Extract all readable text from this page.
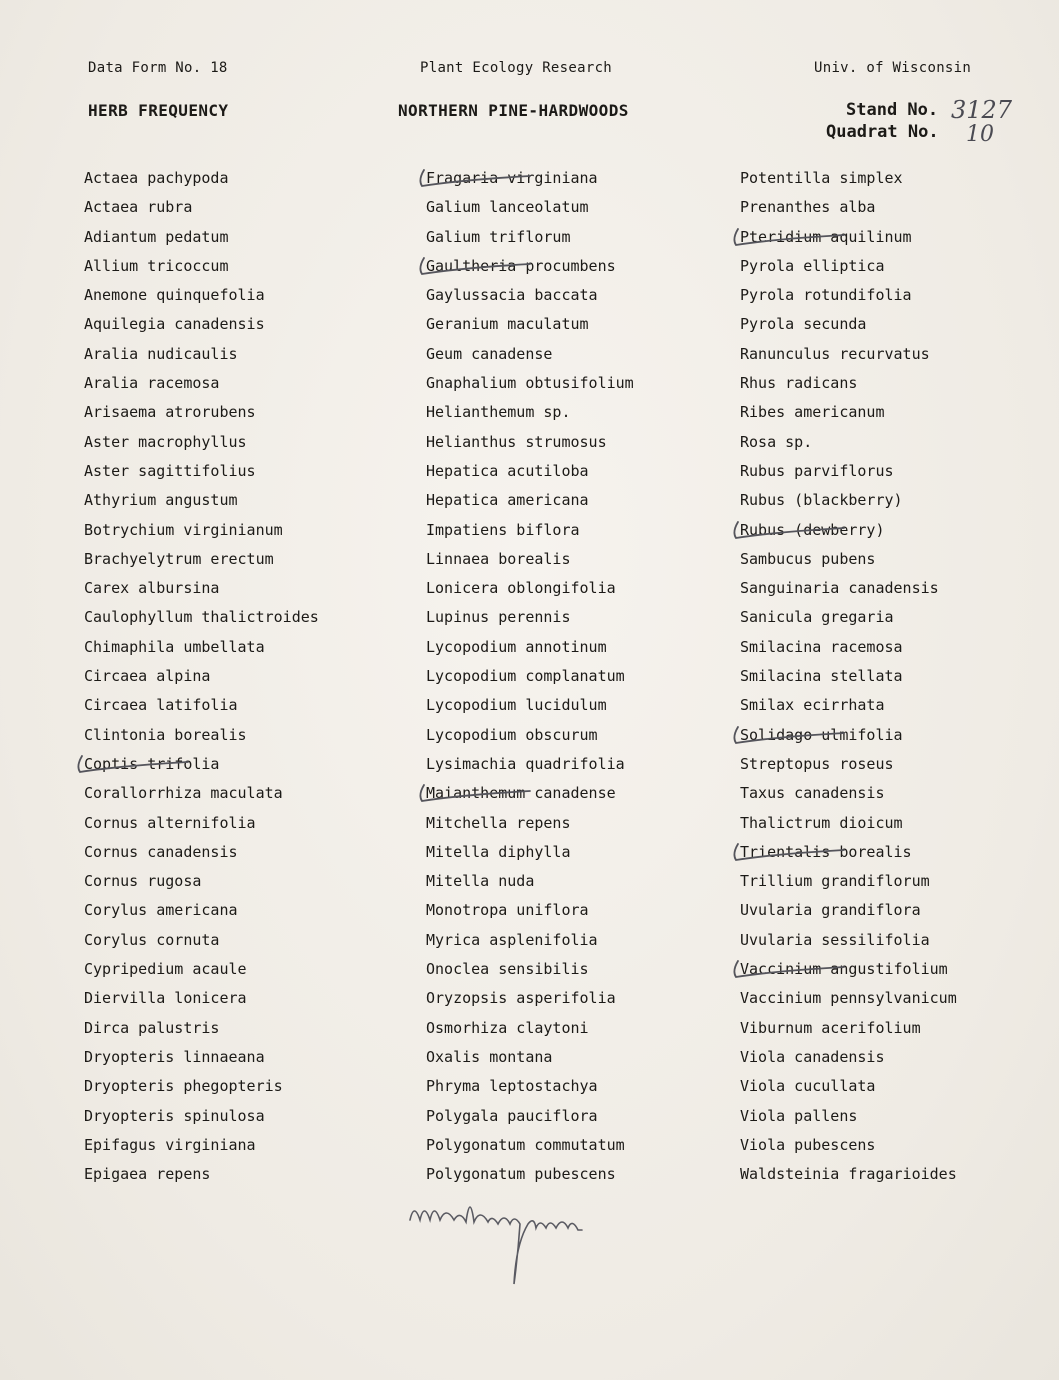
Data Form No. 18	Plant Ecology Research	Univ. of Wisconsin
HERB FREQUENCY	NORTHERN PINE-HARDWOODS	Stand No. 3127
Quadrat No. 10
Actaea pachypoda
Actaea rubra
Adiantum pedatum
Allium tricoccum
Anemone quinquefolia
Aquilegia canadensis
Aralia nudicaulis
Aralia racemosa
Arisaema atrorubens
Aster macrophyllus
Aster sagittifolius
Athyrium angustum
Botrychium virginianum
Brachyelytrum erectum
Carex albursina
Caulophyllum thalictroides
Chimaphila umbellata
Circaea alpina
Circaea latifolia
Clintonia borealis
Coptis trifolia
Corallorrhiza maculata
Cornus alternifolia
Cornus canadensis
Cornus rugosa
Corylus americana
Corylus cornuta
Cypripedium acaule
Diervilla lonicera
Dirca palustris
Dryopteris linnaeana
Dryopteris phegopteris
Dryopteris spinulosa
Epifagus virginiana
Epigaea repens
Fragaria virginiana
Galium lanceolatum
Galium triflorum
Gaultheria procumbens
Gaylussacia baccata
Geranium maculatum
Geum canadense
Gnaphalium obtusifolium
Helianthemum sp.
Helianthus strumosus
Hepatica acutiloba
Hepatica americana
Impatiens biflora
Linnaea borealis
Lonicera oblongifolia
Lupinus perennis
Lycopodium annotinum
Lycopodium complanatum
Lycopodium lucidulum
Lycopodium obscurum
Lysimachia quadrifolia
Maianthemum canadense
Mitchella repens
Mitella diphylla
Mitella nuda
Monotropa uniflora
Myrica asplenifolia
Onoclea sensibilis
Oryzopsis asperifolia
Osmorhiza claytoni
Oxalis montana
Phryma leptostachya
Polygala pauciflora
Polygonatum commutatum
Polygonatum pubescens
Potentilla simplex
Prenanthes alba
Pteridium aquilinum
Pyrola elliptica
Pyrola rotundifolia
Pyrola secunda
Ranunculus recurvatus
Rhus radicans
Ribes americanum
Rosa sp.
Rubus parviflorus
Rubus (blackberry)
Rubus (dewberry)
Sambucus pubens
Sanguinaria canadensis
Sanicula gregaria
Smilacina racemosa
Smilacina stellata
Smilax ecirrhata
Solidago ulmifolia
Streptopus roseus
Taxus canadensis
Thalictrum dioicum
Trientalis borealis
Trillium grandiflorum
Uvularia grandiflora
Uvularia sessilifolia
Vaccinium angustifolium
Vaccinium pennsylvanicum
Viburnum acerifolium
Viola canadensis
Viola cucullata
Viola pallens
Viola pubescens
Waldsteinia fragarioides
